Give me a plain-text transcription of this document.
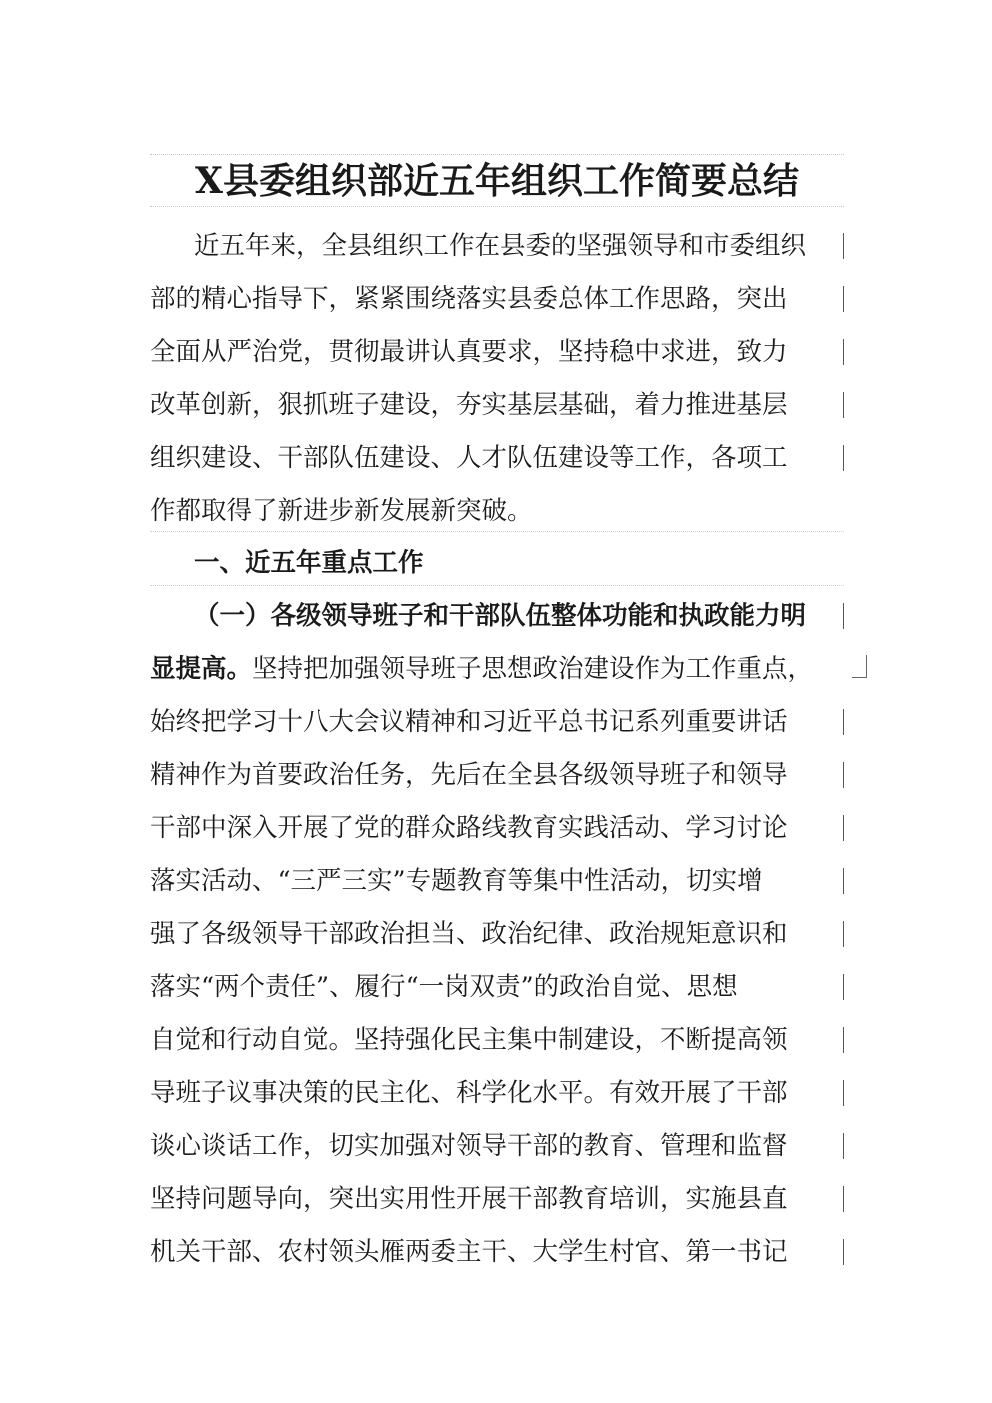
X县委组织部近五年组织工作简要总结

近五年来，全县组织工作在县委的坚强领导和市委组织

部的精心指导下，紧紧围绕落实县委总体工作思路，突出

全面从严治党，贯彻最讲认真要求，坚持稳中求进，致力

改革创新，狠抓班子建设，夯实基层基础，着力推进基层

组织建设、干部队伍建设、人才队伍建设等工作，各项工

作都取得了新进步新发展新突破。

一、近五年重点工作

（一）各级领导班子和干部队伍整体功能和执政能力明

显提高。坚持把加强领导班子思想政治建设作为工作重点，

始终把学习十八大会议精神和习近平总书记系列重要讲话

精神作为首要政治任务，先后在全县各级领导班子和领导

干部中深入开展了党的群众路线教育实践活动、学习讨论

落实活动、“三严三实”专题教育等集中性活动，切实增

强了各级领导干部政治担当、政治纪律、政治规矩意识和

落实“两个责任”、履行“一岗双责”的政治自觉、思想

自觉和行动自觉。坚持强化民主集中制建设，不断提高领

导班子议事决策的民主化、科学化水平。有效开展了干部

谈心谈话工作，切实加强对领导干部的教育、管理和监督

坚持问题导向，突出实用性开展干部教育培训，实施县直

机关干部、农村领头雁两委主干、大学生村官、第一书记
